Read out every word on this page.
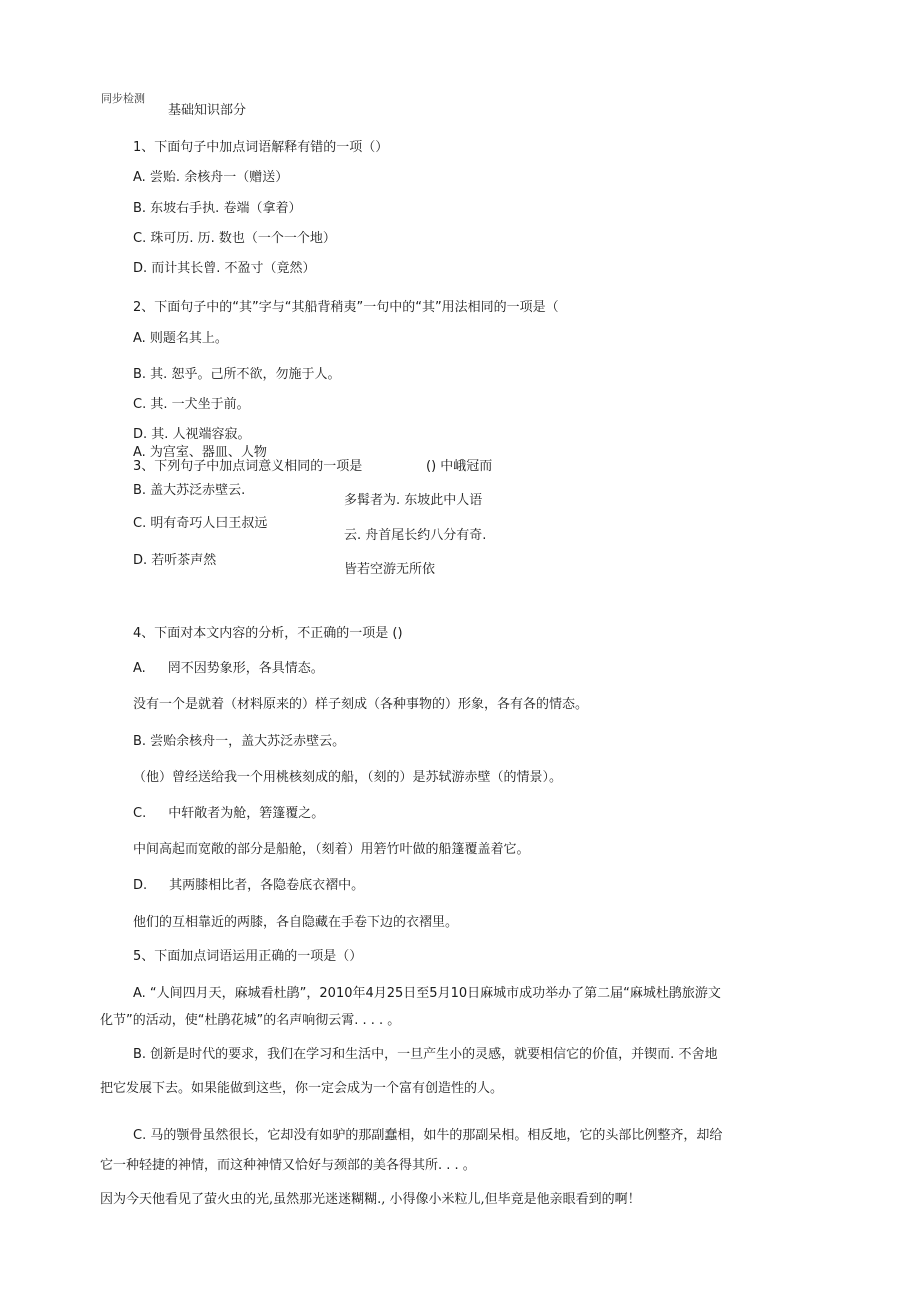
同步检测
基础知识部分
1、下面句子中加点词语解释有错的一项（）
A. 尝贻. 余核舟一（赠送）
B. 东坡右手执. 卷端（拿着）
C. 珠可历. 历. 数也（一个一个地）
D. 而计其长曾. 不盈寸（竟然）
2、下面句子中的“其”字与“其船背稍夷”一句中的“其”用法相同的一项是（
A. 则题名其上。
B. 其. 恕乎。己所不欲，勿施于人。
C. 其. 一犬坐于前。
D. 其. 人视端容寂。
A. 为宫室、器皿、人物
3、下列句子中加点词意义相同的一项是	() 中峨冠而
B. 盖大苏泛赤壁云.
多髯者为. 东坡此中人语
C. 明有奇巧人曰王叔远
云. 舟首尾长约八分有奇.
D. 若听茶声然
皆若空游无所依
4、下面对本文内容的分析，不正确的一项是 ()
A. 罔不因势象形，各具情态。
没有一个是就着（材料原来的）样子刻成（各种事物的）形象，各有各的情态。
B. 尝贻余核舟一，盖大苏泛赤壁云。
（他）曾经送给我一个用桃核刻成的船，（刻的）是苏轼游赤壁（的情景）。
C. 中轩敞者为舱，箬篷覆之。
中间高起而宽敞的部分是船舱，（刻着）用箬竹叶做的船篷覆盖着它。
D. 其两膝相比者，各隐卷底衣褶中。
他们的互相靠近的两膝，各自隐藏在手卷下边的衣褶里。
5、下面加点词语运用正确的一项是（）
A. “人间四月天，麻城看杜鹃”，2010年4月25日至5月10日麻城市成功举办了第二届“麻城杜鹃旅游文
化节”的活动，使“杜鹃花城”的名声响彻云霄. . . . 。
B. 创新是时代的要求，我们在学习和生活中，一旦产生小的灵感，就要相信它的价值，并锲而. 不舍地
把它发展下去。如果能做到这些，你一定会成为一个富有创造性的人。
C. 马的颚骨虽然很长，它却没有如驴的那副蠢相，如牛的那副呆相。相反地，它的头部比例整齐，却给
它一种轻捷的神情，而这种神情又恰好与颈部的美各得其所. . . 。
因为今天他看见了萤火虫的光,虽然那光迷迷糊糊., 小得像小米粒儿,但毕竟是他亲眼看到的啊！
